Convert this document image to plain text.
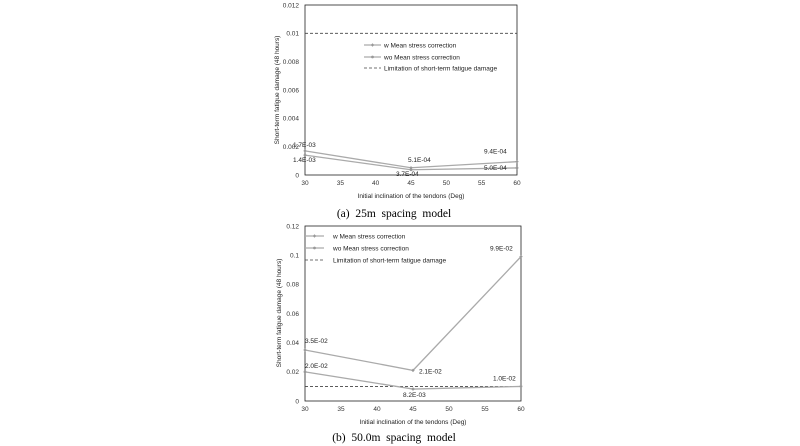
30	35	40	45	50	55	60
0
0.002
0.004
0.006
0.008
0.01
0.012
1.7E-03
5.1E-04
9.4E-04
1.4E-03
3.7E-04
5.0E-04
Initial inclination of the tendons (Deg)
Short-term fatigue damage (48 hours)	w Mean stress correction
wo Mean stress correction
Limitation of short-term fatigue damage
(a)  25m  spacing  model
30	35	40	45	50	55	60
0
0.02
0.04
0.06
0.08
0.1
0.12
3.5E-02
2.1E-02
9.9E-02
2.0E-02
8.2E-03
1.0E-02
Initial inclination of the tendons (Deg)
Short-term fatigue damage (48 hours)
w Mean stress correction
wo Mean stress correction
Limitation of short-term fatigue damage
(b)  50.0m  spacing  model
